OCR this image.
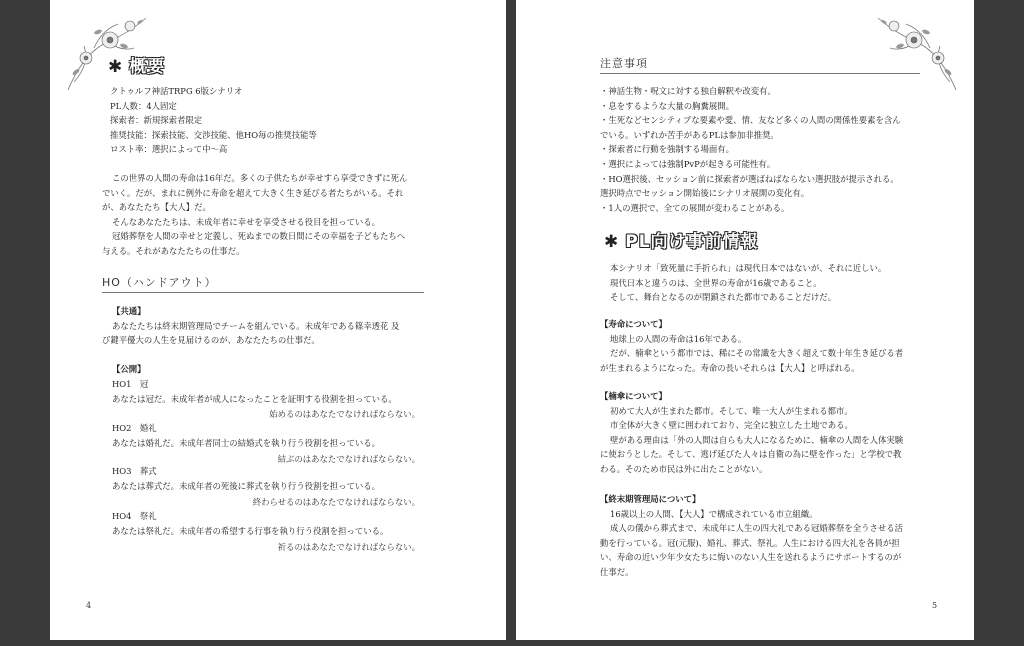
✱ 概要
クトゥルフ神話TRPG 6版シナリオ
PL人数：4人固定
探索者：新規探索者限定
推奨技能：探索技能、交渉技能、他HO毎の推奨技能等
ロスト率：選択によって中〜高
この世界の人間の寿命は16年だ。多くの子供たちが幸せすら享受できずに死ん
でいく。だが、まれに例外に寿命を超えて大きく生き延びる者たちがいる。それ
が、あなたたち【大人】だ。
そんなあなたたちは、未成年者に幸せを享受させる役目を担っている。
冠婚葬祭を人間の幸せと定義し、死ぬまでの数日間にその幸福を子どもたちへ
与える。それがあなたたちの仕事だ。
HO（ハンドアウト）
【共通】
あなたたちは終末期管理局でチームを組んでいる。未成年である篠幸透花 及
び鍵平優大の人生を見届けるのが、あなたたちの仕事だ。
【公開】
HO1　冠
あなたは冠だ。未成年者が成人になったことを証明する役割を担っている。
始めるのはあなたでなければならない。
HO2　婚礼
あなたは婚礼だ。未成年者同士の結婚式を執り行う役割を担っている。
結ぶのはあなたでなければならない。
HO3　葬式
あなたは葬式だ。未成年者の死後に葬式を執り行う役割を担っている。
終わらせるのはあなたでなければならない。
HO4　祭礼
あなたは祭礼だ。未成年者の希望する行事を執り行う役割を担っている。
祈るのはあなたでなければならない。
4
注意事項
・神話生物・呪文に対する独自解釈や改変有。
・息をするような大量の胸糞展開。
・生死などセンシティブな要素や愛、情、友など多くの人間の関係性要素を含ん
でいる。いずれか苦手があるPLは参加非推奨。
・探索者に行動を強制する場面有。
・選択によっては強制PvPが起きる可能性有。
・HO選択後、セッション前に探索者が選ばねばならない選択肢が提示される。
選択時点でセッション開始後にシナリオ展開の変化有。
・1人の選択で、全ての展開が変わることがある。
✱ PL向け事前情報
本シナリオ「致死量に手折られ」は現代日本ではないが、それに近しい。
現代日本と違うのは、全世界の寿命が16歳であること。
そして、舞台となるのが閉鎖された都市であることだけだ。
【寿命について】
地球上の人間の寿命は16年である。
だが、楠傘という都市では、稀にその常識を大きく超えて数十年生き延びる者
が生まれるようになった。寿命の長いそれらは【大人】と呼ばれる。
【楠傘について】
初めて大人が生まれた都市。そして、唯一大人が生まれる都市。
市全体が大きく壁に囲われており、完全に独立した土地である。
壁がある理由は「外の人間は自らも大人になるために、楠傘の人間を人体実験
に使おうとした。そして、逃げ延びた人々は自衛の為に壁を作った」と学校で教
わる。そのため市民は外に出たことがない。
【終末期管理局について】
16歳以上の人間、【大人】で構成されている市立組織。
成人の儀から葬式まで、未成年に人生の四大礼である冠婚葬祭を全うさせる活
動を行っている。冠(元服)、婚礼、葬式、祭礼。人生における四大礼を各員が担
い、寿命の近い少年少女たちに悔いのない人生を送れるようにサポートするのが
仕事だ。
5
